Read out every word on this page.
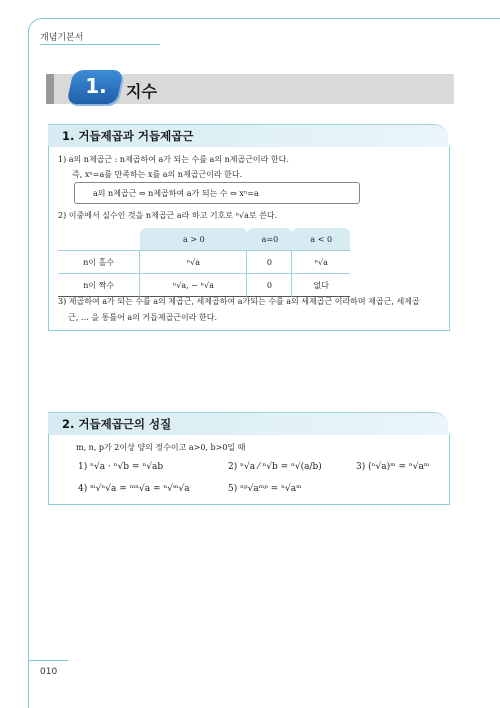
개념기본서
1.	지수
1. 거듭제곱과 거듭제곱근
1) a의 n제곱근 : n제곱하여 a가 되는 수를 a의 n제곱근이라 한다.
즉, xⁿ=a를 만족하는 x를 a의 n제곱근이라 한다.
a의 n제곱근 ⇔ n제곱하여 a가 되는 수 ⇔ xⁿ=a
2) 이중에서 실수인 것을 n제곱근 a라 하고 기호로 ⁿ√a로 쓴다.
	a > 0	a=0	a < 0
n이 홀수	ⁿ√a	0	ⁿ√a
n이 짝수	ⁿ√a, − ⁿ√a	0	없다
3) 제곱하여 a가 되는 수를 a의 제곱근, 세제곱하여 a가되는 수를 a의 세제곱근 이라하며 제곱근, 세제곱
근, … 을 통틀어 a의 거듭제곱근이라 한다.
2. 거듭제곱근의 성질
m, n, p가 2이상 양의 정수이고 a>0, b>0일 때
1) ⁿ√a · ⁿ√b = ⁿ√ab	2) ⁿ√a ⁄ ⁿ√b = ⁿ√(a/b)	3) (ⁿ√a)ᵐ = ⁿ√aᵐ
4) ᵐ√ⁿ√a = ᵐⁿ√a = ⁿ√ᵐ√a	5) ⁿᵖ√aᵐᵖ = ⁿ√aᵐ
010
